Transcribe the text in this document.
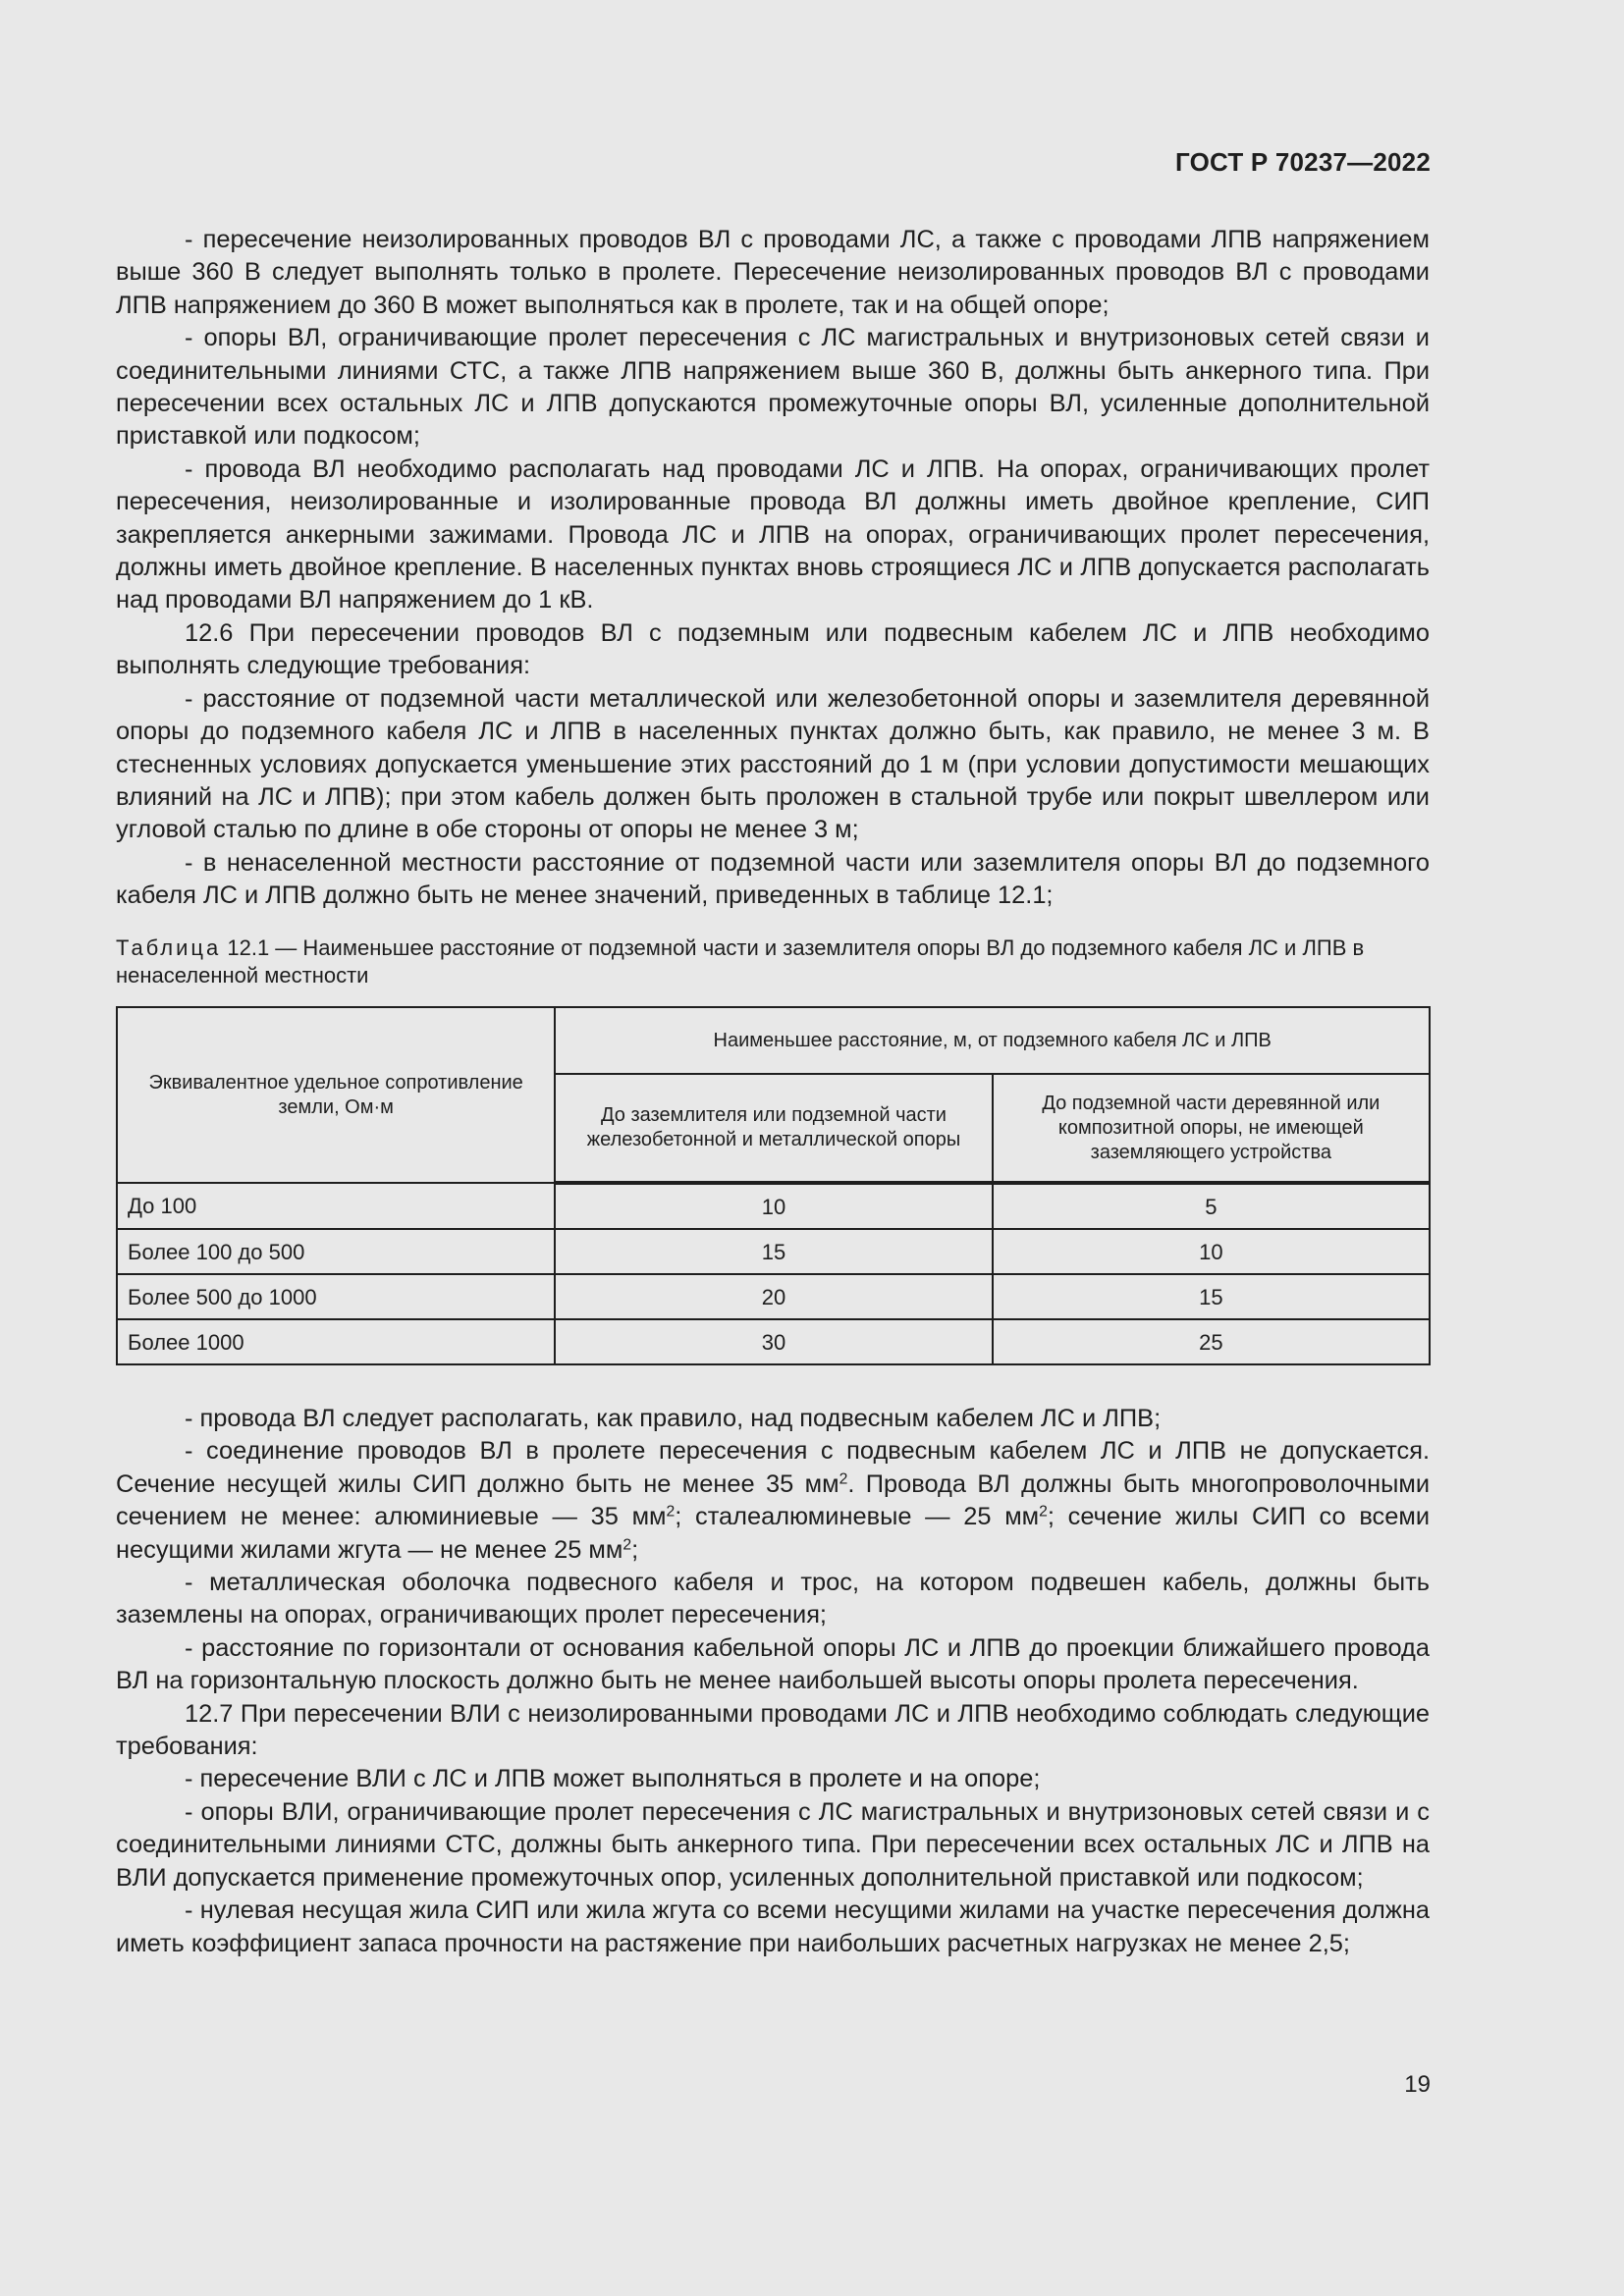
ГОСТ Р 70237—2022

- пересечение неизолированных проводов ВЛ с проводами ЛС, а также с проводами ЛПВ напряжением выше 360 В следует выполнять только в пролете. Пересечение неизолированных проводов ВЛ с проводами ЛПВ напряжением до 360 В может выполняться как в пролете, так и на общей опоре;

- опоры ВЛ, ограничивающие пролет пересечения с ЛС магистральных и внутризоновых сетей связи и соединительными линиями СТС, а также ЛПВ напряжением выше 360 В, должны быть анкерного типа. При пересечении всех остальных ЛС и ЛПВ допускаются промежуточные опоры ВЛ, усиленные дополнительной приставкой или подкосом;

- провода ВЛ необходимо располагать над проводами ЛС и ЛПВ. На опорах, ограничивающих пролет пересечения, неизолированные и изолированные провода ВЛ должны иметь двойное крепление, СИП закрепляется анкерными зажимами. Провода ЛС и ЛПВ на опорах, ограничивающих пролет пересечения, должны иметь двойное крепление. В населенных пунктах вновь строящиеся ЛС и ЛПВ допускается располагать над проводами ВЛ напряжением до 1 кВ.

12.6 При пересечении проводов ВЛ с подземным или подвесным кабелем ЛС и ЛПВ необходимо выполнять следующие требования:

- расстояние от подземной части металлической или железобетонной опоры и заземлителя деревянной опоры до подземного кабеля ЛС и ЛПВ в населенных пунктах должно быть, как правило, не менее 3 м. В стесненных условиях допускается уменьшение этих расстояний до 1 м (при условии допустимости мешающих влияний на ЛС и ЛПВ); при этом кабель должен быть проложен в стальной трубе или покрыт швеллером или угловой сталью по длине в обе стороны от опоры не менее 3 м;

- в ненаселенной местности расстояние от подземной части или заземлителя опоры ВЛ до подземного кабеля ЛС и ЛПВ должно быть не менее значений, приведенных в таблице 12.1;

Таблица 12.1 — Наименьшее расстояние от подземной части и заземлителя опоры ВЛ до подземного кабеля ЛС и ЛПВ в ненаселенной местности
Эквивалентное удельное сопротивление земли, Ом·м	Наименьшее расстояние, м, от подземного кабеля ЛС и ЛПВ	
	До заземлителя или подземной части железобетонной и металлической опоры	До подземной части деревянной или композитной опоры, не имеющей заземляющего устройства
До 100	10	5
Более 100 до 500	15	10
Более 500 до 1000	20	15
Более 1000	30	25

- провода ВЛ следует располагать, как правило, над подвесным кабелем ЛС и ЛПВ;

- соединение проводов ВЛ в пролете пересечения с подвесным кабелем ЛС и ЛПВ не допускается. Сечение несущей жилы СИП должно быть не менее 35 $мм^2$. Провода ВЛ должны быть многопроволочными сечением не менее: алюминиевые — 35 $мм^2$; сталеалюминевые — 25 $мм^2$; сечение жилы СИП со всеми несущими жилами жгута — не менее 25 $мм^2$;

- металлическая оболочка подвесного кабеля и трос, на котором подвешен кабель, должны быть заземлены на опорах, ограничивающих пролет пересечения;

- расстояние по горизонтали от основания кабельной опоры ЛС и ЛПВ до проекции ближайшего провода ВЛ на горизонтальную плоскость должно быть не менее наибольшей высоты опоры пролета пересечения.

12.7 При пересечении ВЛИ с неизолированными проводами ЛС и ЛПВ необходимо соблюдать следующие требования:

- пересечение ВЛИ с ЛС и ЛПВ может выполняться в пролете и на опоре;

- опоры ВЛИ, ограничивающие пролет пересечения с ЛС магистральных и внутризоновых сетей связи и с соединительными линиями СТС, должны быть анкерного типа. При пересечении всех остальных ЛС и ЛПВ на ВЛИ допускается применение промежуточных опор, усиленных дополнительной приставкой или подкосом;

- нулевая несущая жила СИП или жила жгута со всеми несущими жилами на участке пересечения должна иметь коэффициент запаса прочности на растяжение при наибольших расчетных нагрузках не менее 2,5;

19
